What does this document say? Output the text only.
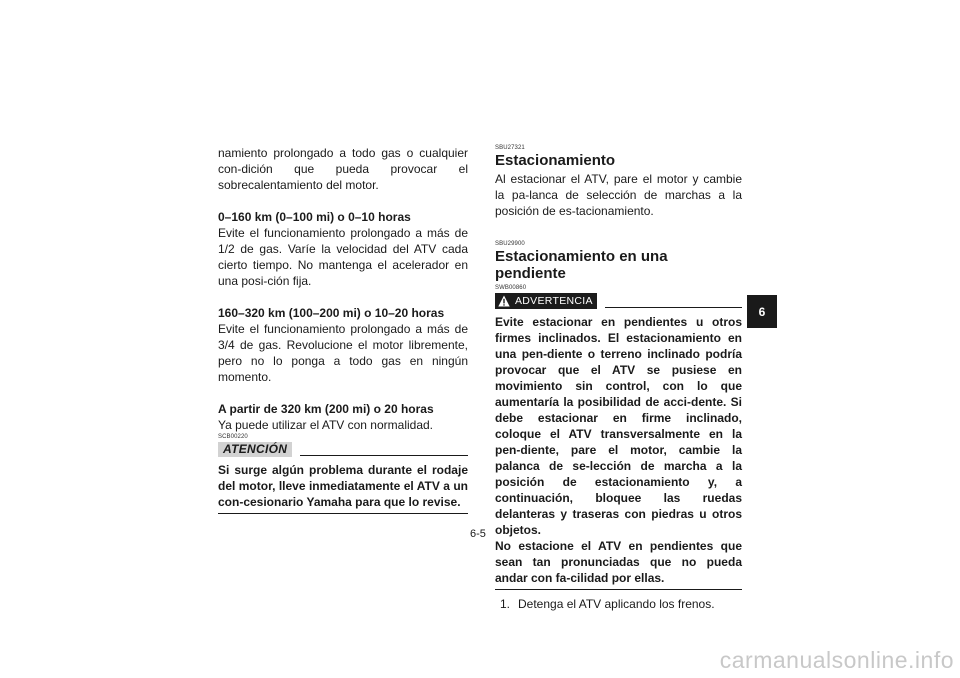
namiento prolongado a todo gas o cualquier con-dición que pueda provocar el sobrecalentamiento del motor.

0–160 km (0–100 mi) o 0–10 horas

Evite el funcionamiento prolongado a más de 1/2 de gas. Varíe la velocidad del ATV cada cierto tiempo. No mantenga el acelerador en una posi-ción fija.

160–320 km (100–200 mi) o 10–20 horas

Evite el funcionamiento prolongado a más de 3/4 de gas. Revolucione el motor libremente, pero no lo ponga a todo gas en ningún momento.

A partir de 320 km (200 mi) o 20 horas

Ya puede utilizar el ATV con normalidad.

SCB00220
ATENCIÓN

Si surge algún problema durante el rodaje del motor, lleve inmediatamente el ATV a un con-cesionario Yamaha para que lo revise.

SBU27321
Estacionamiento

Al estacionar el ATV, pare el motor y cambie la pa-lanca de selección de marchas a la posición de es-tacionamiento.

SBU29900
Estacionamiento en una pendiente
SWB00860
ADVERTENCIA

Evite estacionar en pendientes u otros firmes inclinados. El estacionamiento en una pen-diente o terreno inclinado podría provocar que el ATV se pusiese en movimiento sin control, con lo que aumentaría la posibilidad de acci-dente. Si debe estacionar en firme inclinado, coloque el ATV transversalmente en la pen-diente, pare el motor, cambie la palanca de se-lección de marcha a la posición de estacionamiento y, a continuación, bloquee las ruedas delanteras y traseras con piedras u otros objetos.

No estacione el ATV en pendientes que sean tan pronunciadas que no pueda andar con fa-cilidad por ellas.

1. Detenga el ATV aplicando los frenos.
6-5
6
carmanualsonline.info
